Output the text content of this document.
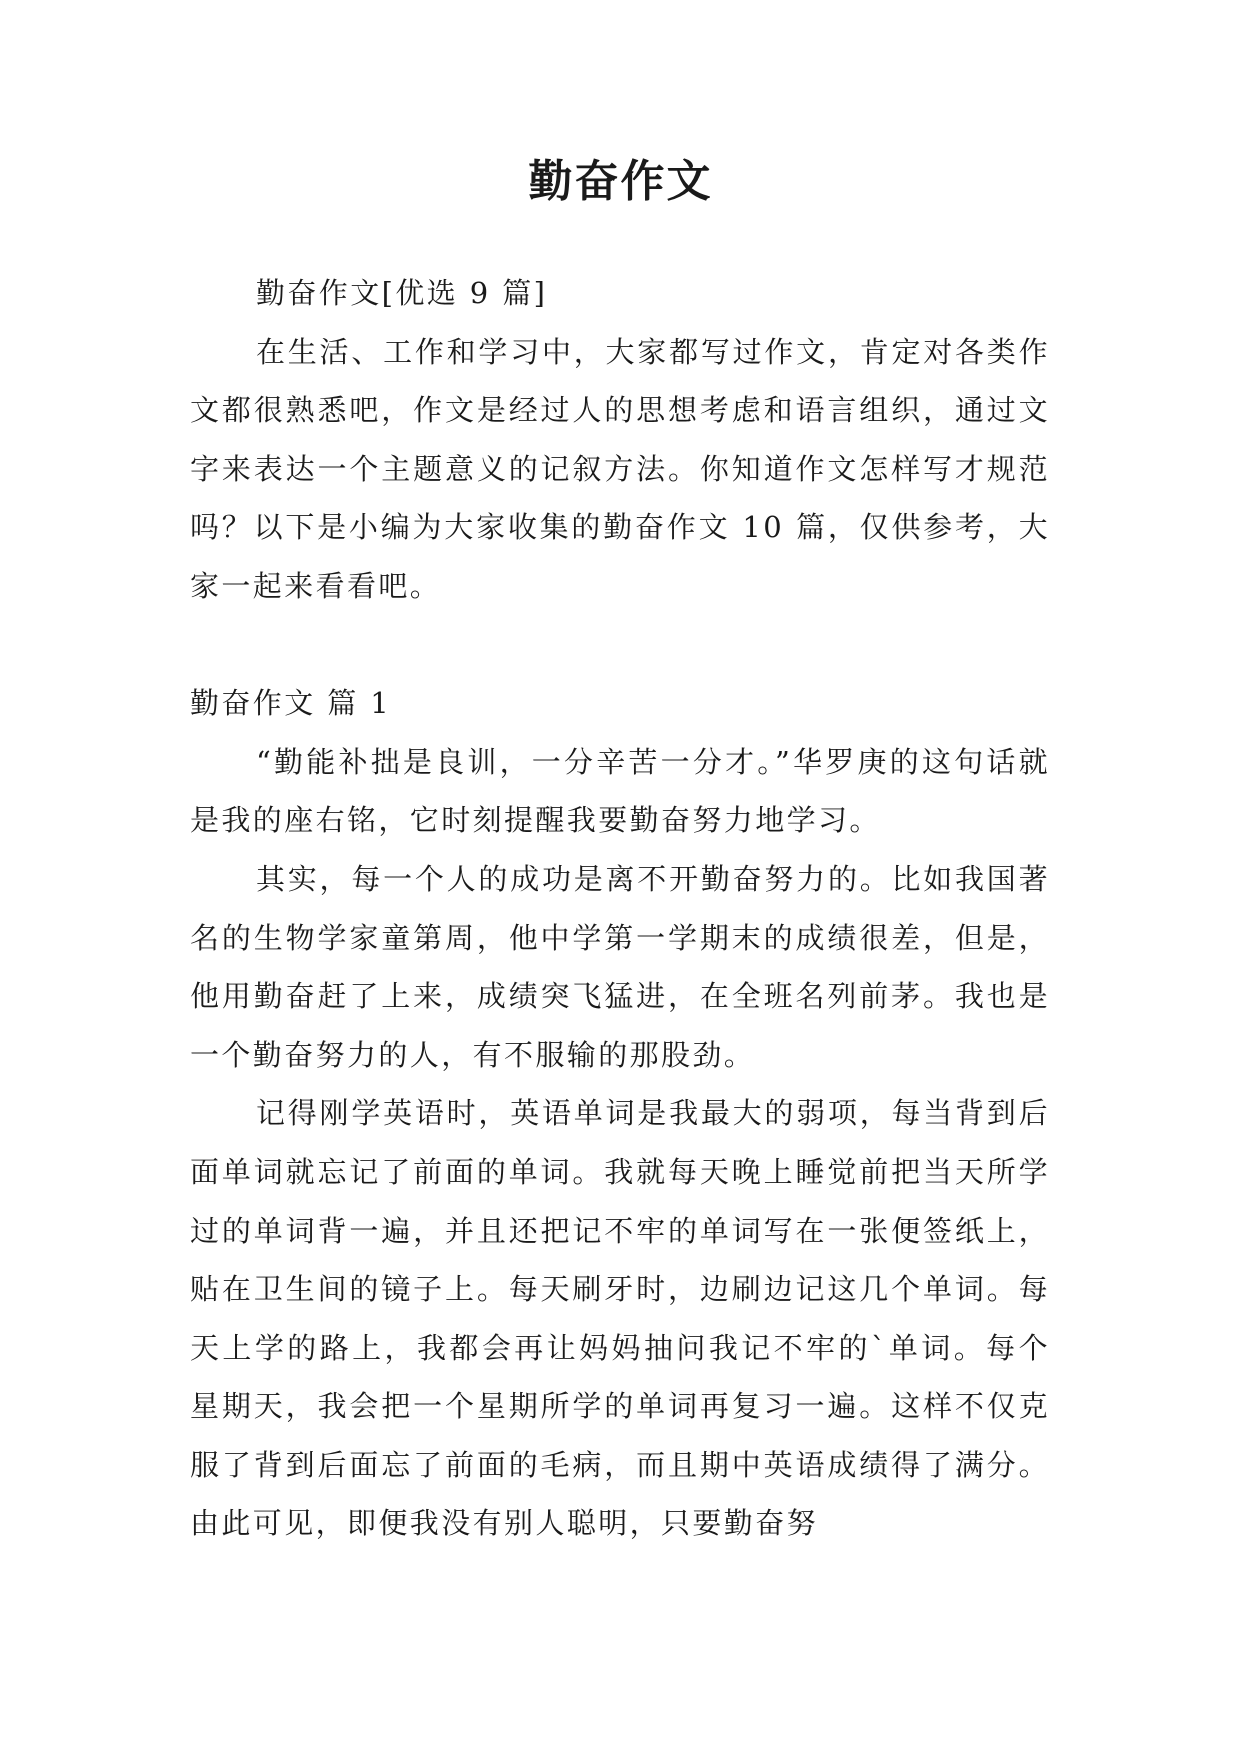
勤奋作文

勤奋作文[优选 9 篇]

在生活、工作和学习中，大家都写过作文，肯定对各类作文都很熟悉吧，作文是经过人的思想考虑和语言组织，通过文字来表达一个主题意义的记叙方法。你知道作文怎样写才规范吗？以下是小编为大家收集的勤奋作文 10 篇，仅供参考，大家一起来看看吧。

勤奋作文 篇 1

“勤能补拙是良训，一分辛苦一分才。”华罗庚的这句话就是我的座右铭，它时刻提醒我要勤奋努力地学习。

其实，每一个人的成功是离不开勤奋努力的。比如我国著名的生物学家童第周，他中学第一学期末的成绩很差，但是，他用勤奋赶了上来，成绩突飞猛进，在全班名列前茅。我也是一个勤奋努力的人，有不服输的那股劲。

记得刚学英语时，英语单词是我最大的弱项，每当背到后面单词就忘记了前面的单词。我就每天晚上睡觉前把当天所学过的单词背一遍，并且还把记不牢的单词写在一张便签纸上，贴在卫生间的镜子上。每天刷牙时，边刷边记这几个单词。每天上学的路上，我都会再让妈妈抽问我记不牢的`单词。每个星期天，我会把一个星期所学的单词再复习一遍。这样不仅克服了背到后面忘了前面的毛病，而且期中英语成绩得了满分。由此可见，即便我没有别人聪明，只要勤奋努
